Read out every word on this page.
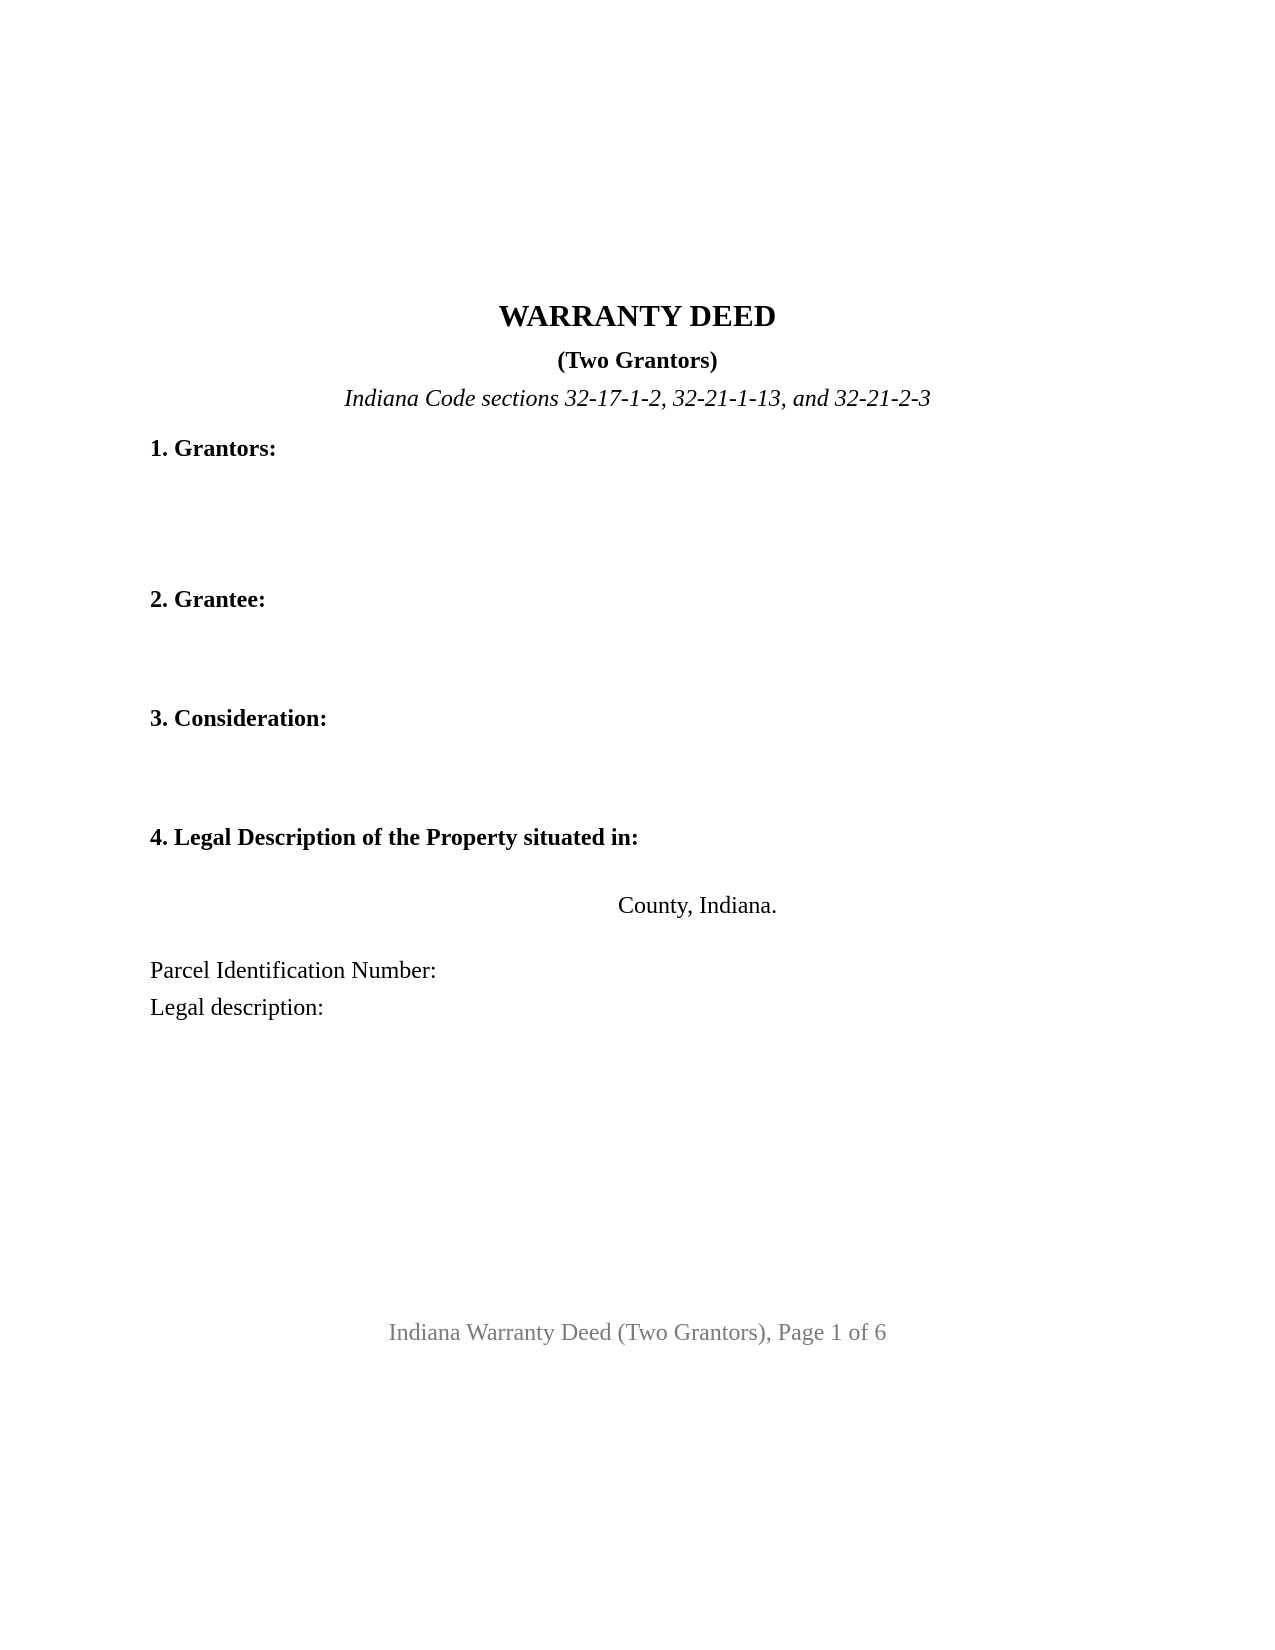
WARRANTY DEED
(Two Grantors)
Indiana Code sections 32-17-1-2, 32-21-1-13, and 32-21-2-3
1. Grantors:
2. Grantee:
3. Consideration:
4. Legal Description of the Property situated in:
County, Indiana.
Parcel Identification Number:
Legal description:
Indiana Warranty Deed (Two Grantors), Page 1 of 6
